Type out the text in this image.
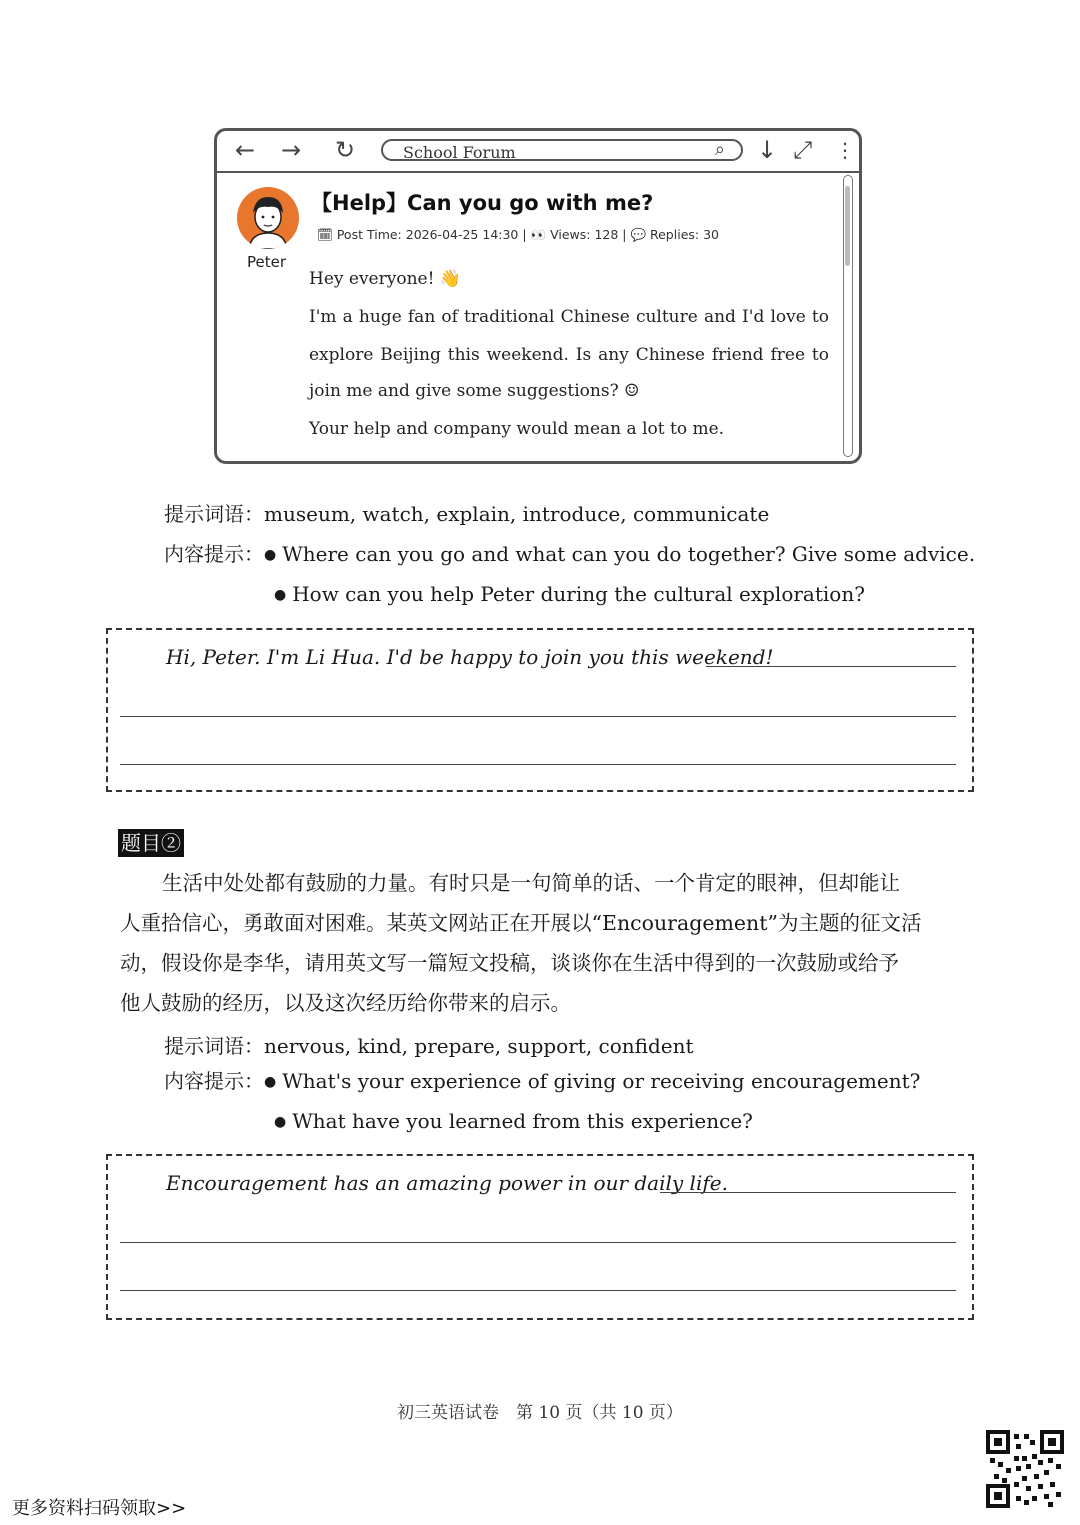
← → ↻	School Forum	⌕ ↓ ⤢ ⋮
Peter
【Help】Can you go with me?
🗓 Post Time: 2026-04-25 14:30 | 👀 Views: 128 | 💬 Replies: 30
Hey everyone! 👋
I'm a huge fan of traditional Chinese culture and I'd love to
explore Beijing this weekend. Is any Chinese friend free to
join me and give some suggestions? ☺
Your help and company would mean a lot to me.
提示词语：museum, watch, explain, introduce, communicate
内容提示：● Where can you go and what can you do together? Give some advice.
● How can you help Peter during the cultural exploration?
Hi, Peter. I'm Li Hua. I'd be happy to join you this weekend!
题目②

生活中处处都有鼓励的力量。有时只是一句简单的话、一个肯定的眼神，但却能让

人重拾信心，勇敢面对困难。某英文网站正在开展以“Encouragement”为主题的征文活

动，假设你是李华，请用英文写一篇短文投稿，谈谈你在生活中得到的一次鼓励或给予

他人鼓励的经历，以及这次经历给你带来的启示。

提示词语：nervous, kind, prepare, support, confident
内容提示：● What's your experience of giving or receiving encouragement?
● What have you learned from this experience?
Encouragement has an amazing power in our daily life.
初三英语试卷　第 10 页（共 10 页）
更多资料扫码领取>>
